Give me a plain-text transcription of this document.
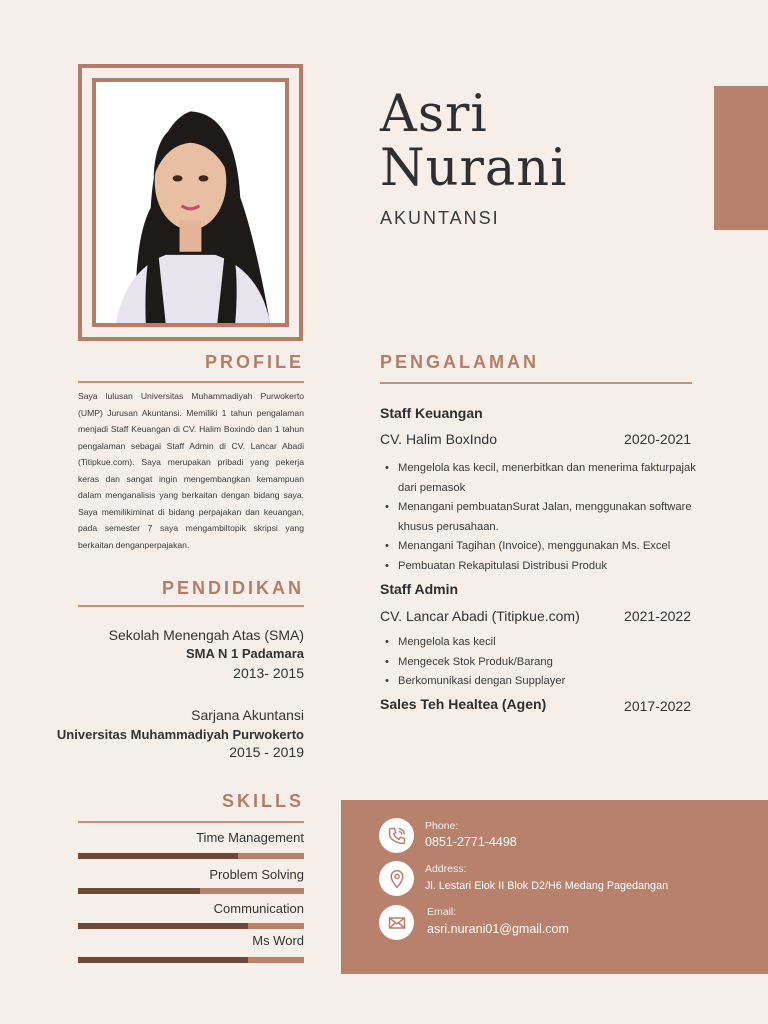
Asri
Nurani
AKUNTANSI
PROFILE
Saya lulusan Universitas Muhammadiyah Purwokerto (UMP) Jurusan Akuntansi. Memiliki 1 tahun pengalaman menjadi Staff Keuangan di CV. Halim Boxindo dan 1 tahun pengalaman sebagai Staff Admin di CV. Lancar Abadi (Titipkue.com). Saya merupakan pribadi yang pekerja keras dan sangat ingin mengembangkan kemampuan dalam menganalisis yang berkaitan dengan bidang saya. Saya memilikiminat di bidang perpajakan dan keuangan, pada semester 7 saya mengambiltopik skripsi yang berkaitan denganperpajakan.
PENDIDIKAN
Sekolah Menengah Atas (SMA)
SMA N 1 Padamara
2013- 2015
Sarjana Akuntansi
Universitas Muhammadiyah Purwokerto
2015 - 2019
SKILLS
Time Management
Problem Solving
Communication
Ms Word
PENGALAMAN
Staff Keuangan
CV. Halim BoxIndo	2020-2021
• Mengelola kas kecil, menerbitkan dan menerima fakturpajak dari pemasok
• Menangani pembuatanSurat Jalan, menggunakan software khusus perusahaan.
• Menangani Tagihan (Invoice), menggunakan Ms. Excel
• Pembuatan Rekapitulasi Distribusi Produk
Staff Admin
CV. Lancar Abadi (Titipkue.com)	2021-2022
• Mengelola kas kecil
• Mengecek Stok Produk/Barang
• Berkomunikasi dengan Supplayer
Sales Teh Healtea (Agen)	2017-2022
Phone:
0851-2771-4498
Address:
Jl. Lestari Elok II Blok D2/H6 Medang Pagedangan
Email:
asri.nurani01@gmail.com
